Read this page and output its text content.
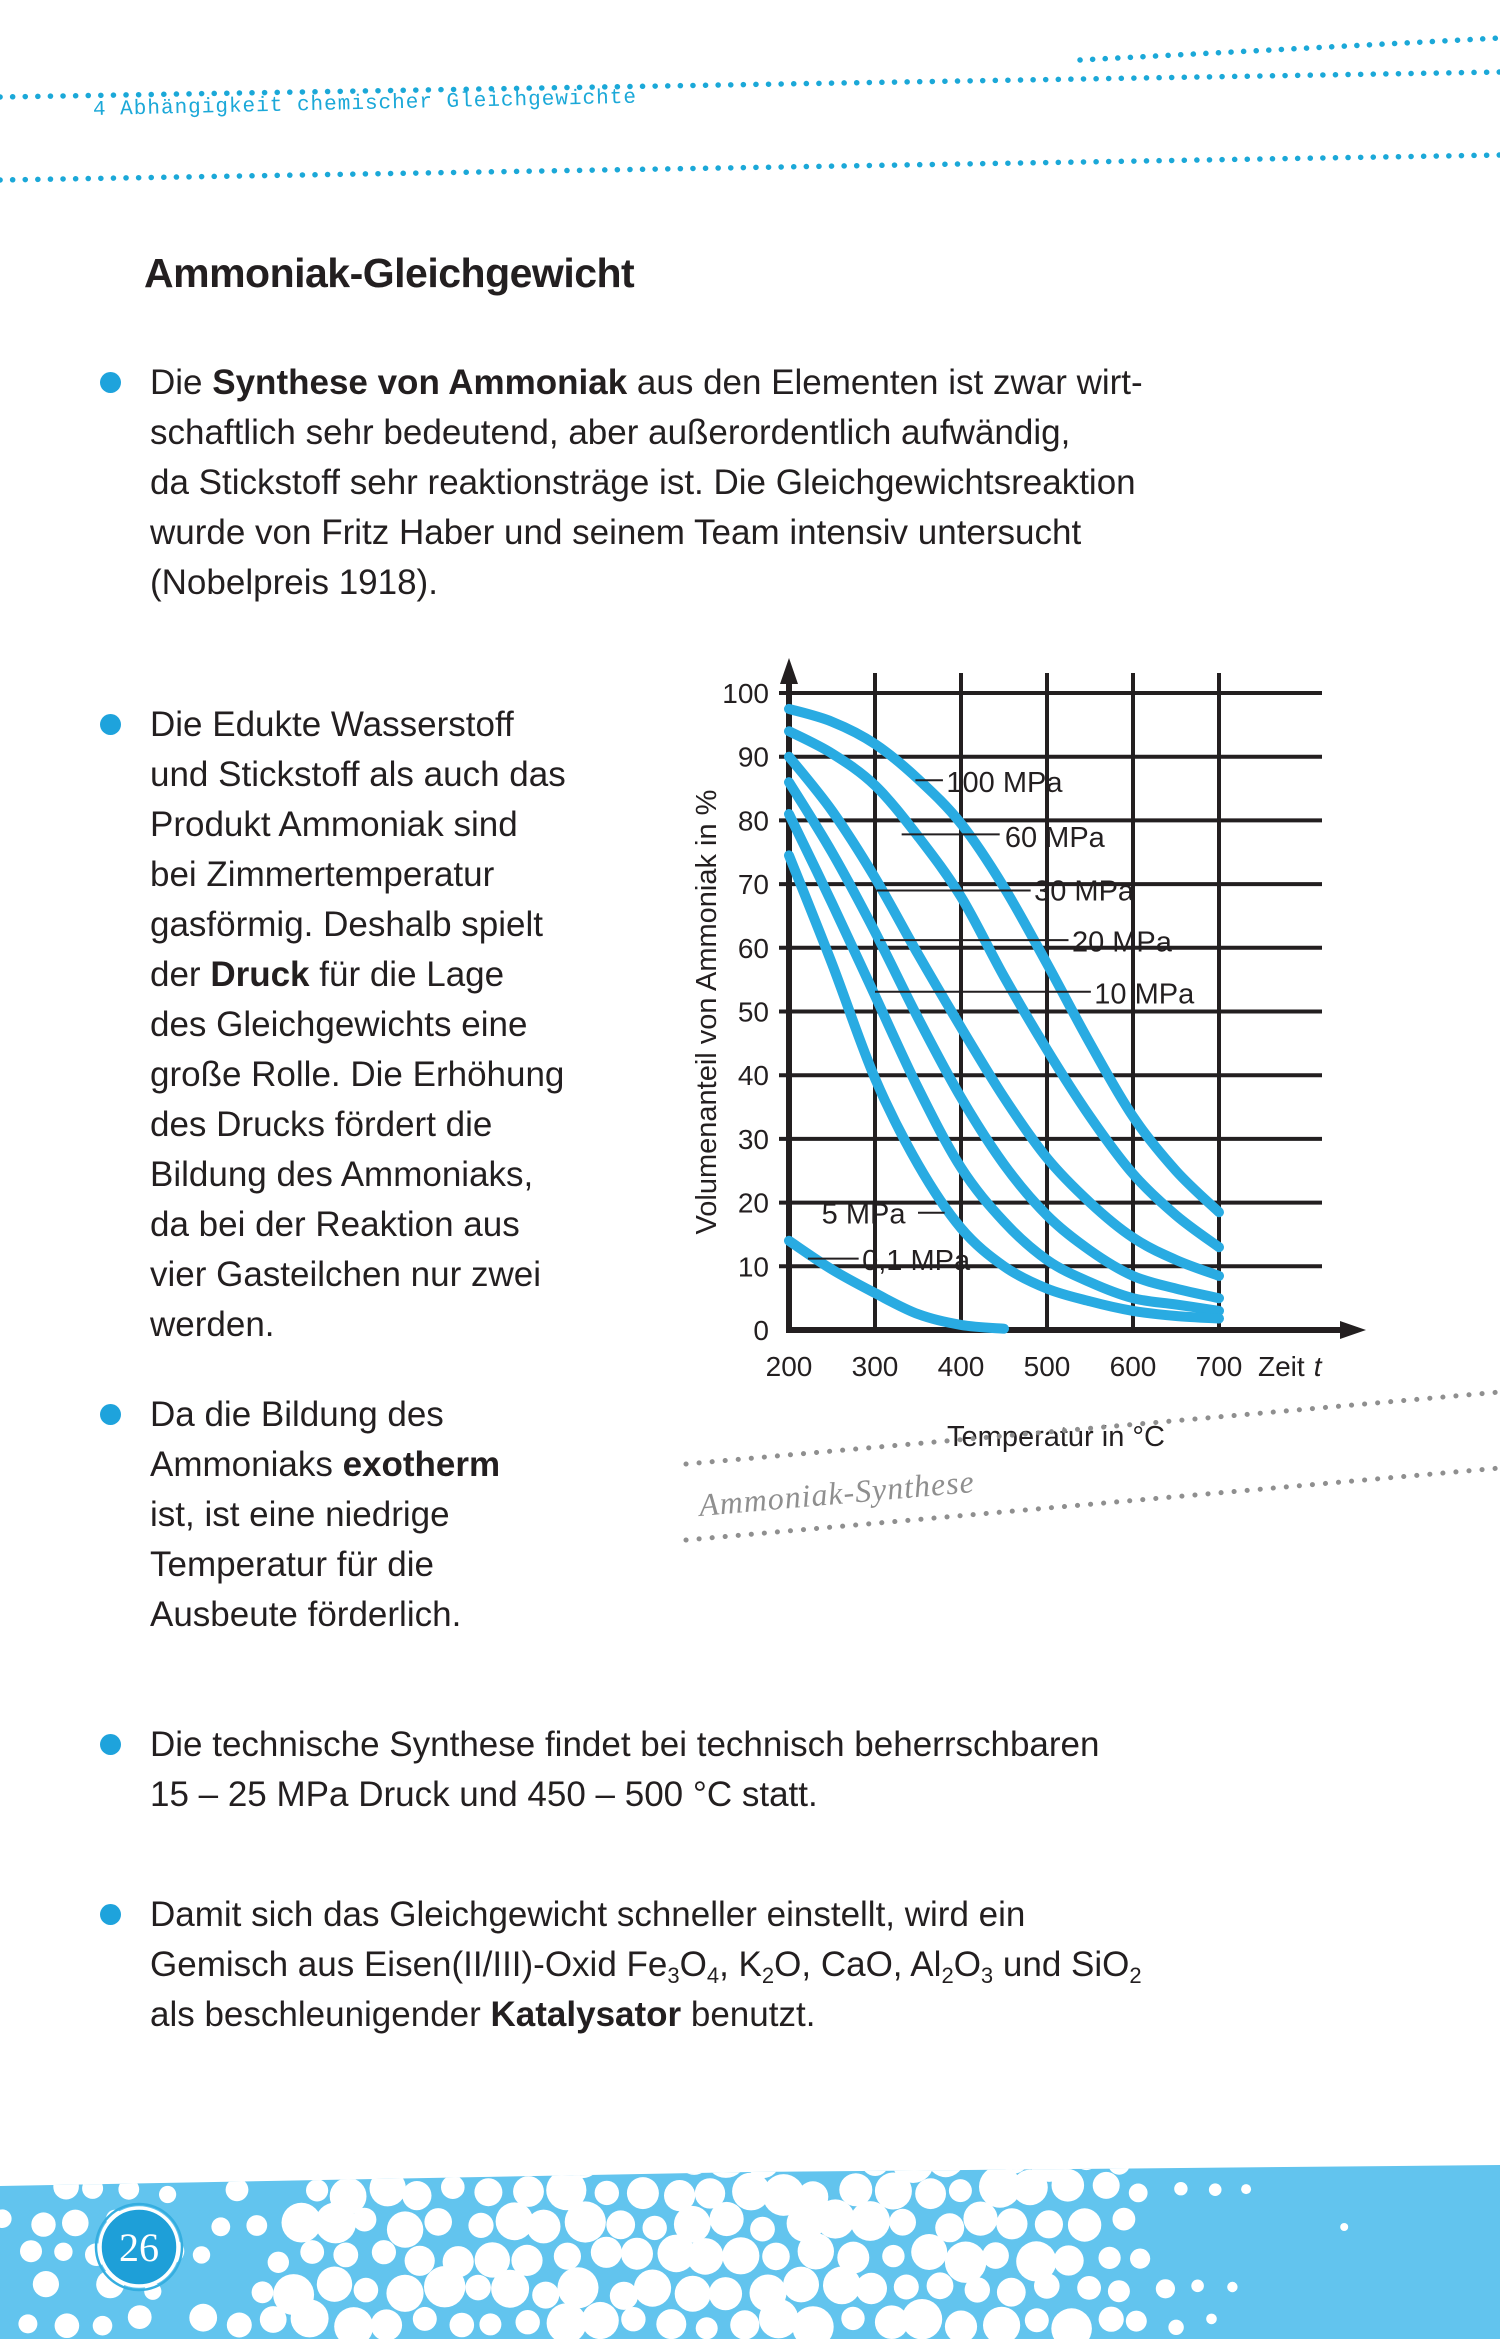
0
10
20
30
40
50
60
70
80
90
100
200 300 400 500 600 700
100 MPa
60 MPa
30 MPa
20 MPa
10 MPa
5 MPa
0,1 MPa
Volumenanteil von Ammoniak in %
Temperatur in °C
Zeit t
Ammoniak-Synthese
26
4 Abhängigkeit chemischer Gleichgewichte
Ammoniak-Gleichgewicht
Die Synthese von Ammoniak aus den Elementen ist zwar wirt-
schaftlich sehr bedeutend, aber außerordentlich aufwändig,
da Stickstoff sehr reaktionsträge ist. Die Gleichgewichtsreaktion
wurde von Fritz Haber und seinem Team intensiv untersucht
(Nobelpreis 1918).
Die Edukte Wasserstoff
und Stickstoff als auch das
Produkt Ammoniak sind
bei Zimmertemperatur
gasförmig. Deshalb spielt
der Druck für die Lage
des Gleichgewichts eine
große Rolle. Die Erhöhung
des Drucks fördert die
Bildung des Ammoniaks,
da bei der Reaktion aus
vier Gasteilchen nur zwei
werden.
Da die Bildung des
Ammoniaks exotherm
ist, ist eine niedrige
Temperatur für die
Ausbeute förderlich.
Die technische Synthese findet bei technisch beherrschbaren
15 – 25 MPa Druck und 450 – 500 °C statt.
Damit sich das Gleichgewicht schneller einstellt, wird ein
Gemisch aus Eisen(II/III)-Oxid $Fe_3O_4$, $K_2O$, CaO, $Al_2O_3$ und SiO$_2$
als beschleunigender Katalysator benutzt.
